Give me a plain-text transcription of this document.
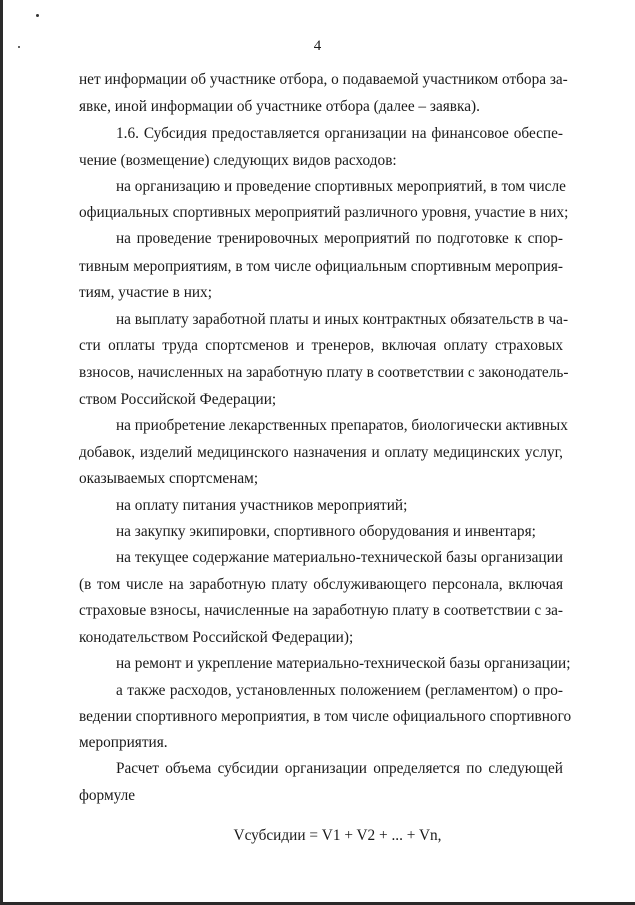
4
нет информации об участнике отбора, о подаваемой участником отбора за-
явке, иной информации об участнике отбора (далее – заявка).
1.6. Субсидия предоставляется организации на финансовое обеспе-
чение (возмещение) следующих видов расходов:
на организацию и проведение спортивных мероприятий, в том числе
официальных спортивных мероприятий различного уровня, участие в них;
на проведение тренировочных мероприятий по подготовке к спор-
тивным мероприятиям, в том числе официальным спортивным мероприя-
тиям, участие в них;
на выплату заработной платы и иных контрактных обязательств в ча-
сти оплаты труда спортсменов и тренеров, включая оплату страховых
взносов, начисленных на заработную плату в соответствии с законодатель-
ством Российской Федерации;
на приобретение лекарственных препаратов, биологически активных
добавок, изделий медицинского назначения и оплату медицинских услуг,
оказываемых спортсменам;
на оплату питания участников мероприятий;
на закупку экипировки, спортивного оборудования и инвентаря;
на текущее содержание материально-технической базы организации
(в том числе на заработную плату обслуживающего персонала, включая
страховые взносы, начисленные на заработную плату в соответствии с за-
конодательством Российской Федерации);
на ремонт и укрепление материально-технической базы организации;
а также расходов, установленных положением (регламентом) о про-
ведении спортивного мероприятия, в том числе официального спортивного
мероприятия.
Расчет объема субсидии организации определяется по следующей
формуле
Vсубсидии = V1 + V2 + ... + Vn,
